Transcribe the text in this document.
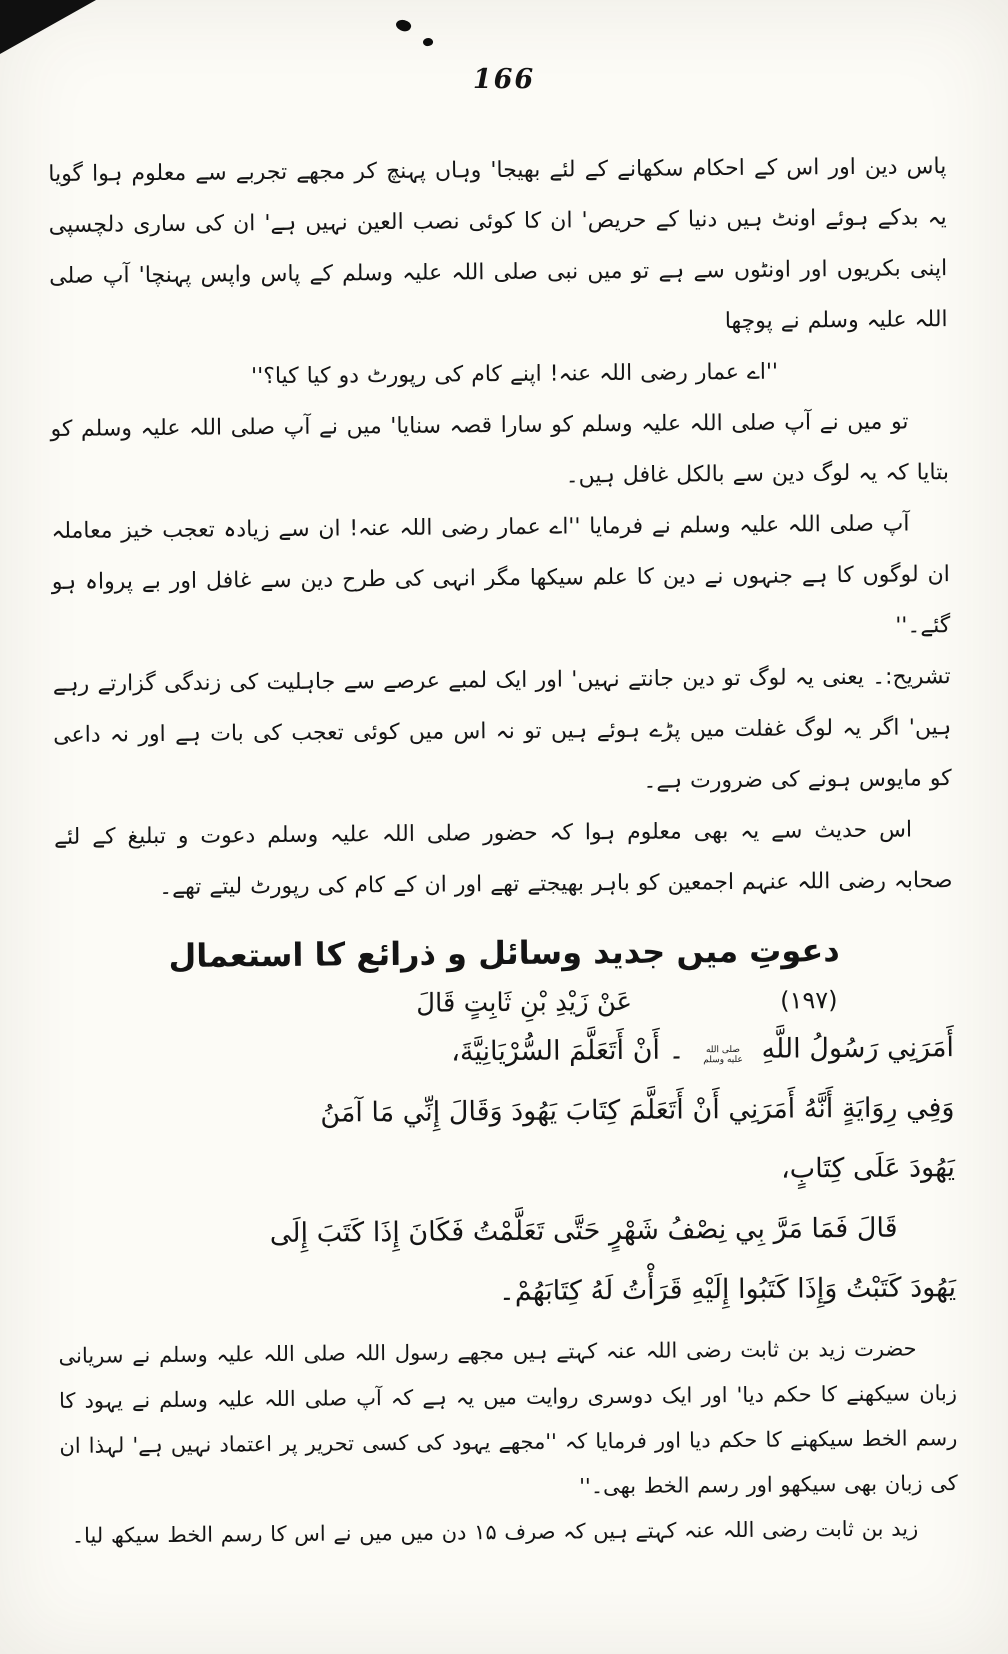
166

پاس دین اور اس کے احکام سکھانے کے لئے بھیجا' وہاں پہنچ کر مجھے تجربے سے معلوم ہوا گویا یہ بدکے ہوئے اونٹ ہیں دنیا کے حریص' ان کا کوئی نصب العین نہیں ہے' ان کی ساری دلچسپی اپنی بکریوں اور اونٹوں سے ہے تو میں نبی صلی اللہ علیہ وسلم کے پاس واپس پہنچا' آپ صلی اللہ علیہ وسلم نے پوچھا

''اے عمار رضی اللہ عنہ! اپنے کام کی رپورٹ دو کیا کیا؟''

تو میں نے آپ صلی اللہ علیہ وسلم کو سارا قصہ سنایا' میں نے آپ صلی اللہ علیہ وسلم کو بتایا کہ یہ لوگ دین سے بالکل غافل ہیں۔

آپ صلی اللہ علیہ وسلم نے فرمایا ''اے عمار رضی اللہ عنہ! ان سے زیادہ تعجب خیز معاملہ ان لوگوں کا ہے جنہوں نے دین کا علم سیکھا مگر انہی کی طرح دین سے غافل اور بے پرواہ ہو گئے۔''

تشریح:۔ یعنی یہ لوگ تو دین جانتے نہیں' اور ایک لمبے عرصے سے جاہلیت کی زندگی گزارتے رہے ہیں' اگر یہ لوگ غفلت میں پڑے ہوئے ہیں تو نہ اس میں کوئی تعجب کی بات ہے اور نہ داعی کو مایوس ہونے کی ضرورت ہے۔

اس حدیث سے یہ بھی معلوم ہوا کہ حضور صلی اللہ علیہ وسلم دعوت و تبلیغ کے لئے صحابہ رضی اللہ عنہم اجمعین کو باہر بھیجتے تھے اور ان کے کام کی رپورٹ لیتے تھے۔

دعوتِ میں جدید وسائل و ذرائع کا استعمال
(۱۹۷)
عَنْ زَيْدِ بْنِ ثَابِتٍ قَالَ
أَمَرَنِي رَسُولُ اللَّهِ صلى الله عليه وسلم ۔ أَنْ أَتَعَلَّمَ السُّرْيَانِيَّةَ،
وَفِي رِوَايَةٍ أَنَّهُ أَمَرَنِي أَنْ أَتَعَلَّمَ كِتَابَ يَهُودَ وَقَالَ إِنِّي مَا آمَنُ
يَهُودَ عَلَى كِتَابٍ،
قَالَ فَمَا مَرَّ بِي نِصْفُ شَهْرٍ حَتَّى تَعَلَّمْتُ فَكَانَ إِذَا كَتَبَ إِلَى
يَهُودَ كَتَبْتُ وَإِذَا كَتَبُوا إِلَيْهِ قَرَأْتُ لَهُ كِتَابَهُمْ۔

حضرت زید بن ثابت رضی اللہ عنہ کہتے ہیں مجھے رسول اللہ صلی اللہ علیہ وسلم نے سریانی زبان سیکھنے کا حکم دیا' اور ایک دوسری روایت میں یہ ہے کہ آپ صلی اللہ علیہ وسلم نے یہود کا رسم الخط سیکھنے کا حکم دیا اور فرمایا کہ ''مجھے یہود کی کسی تحریر پر اعتماد نہیں ہے' لہذا ان کی زبان بھی سیکھو اور رسم الخط بھی۔''

زید بن ثابت رضی اللہ عنہ کہتے ہیں کہ صرف ۱۵ دن میں میں نے اس کا رسم الخط سیکھ لیا۔
